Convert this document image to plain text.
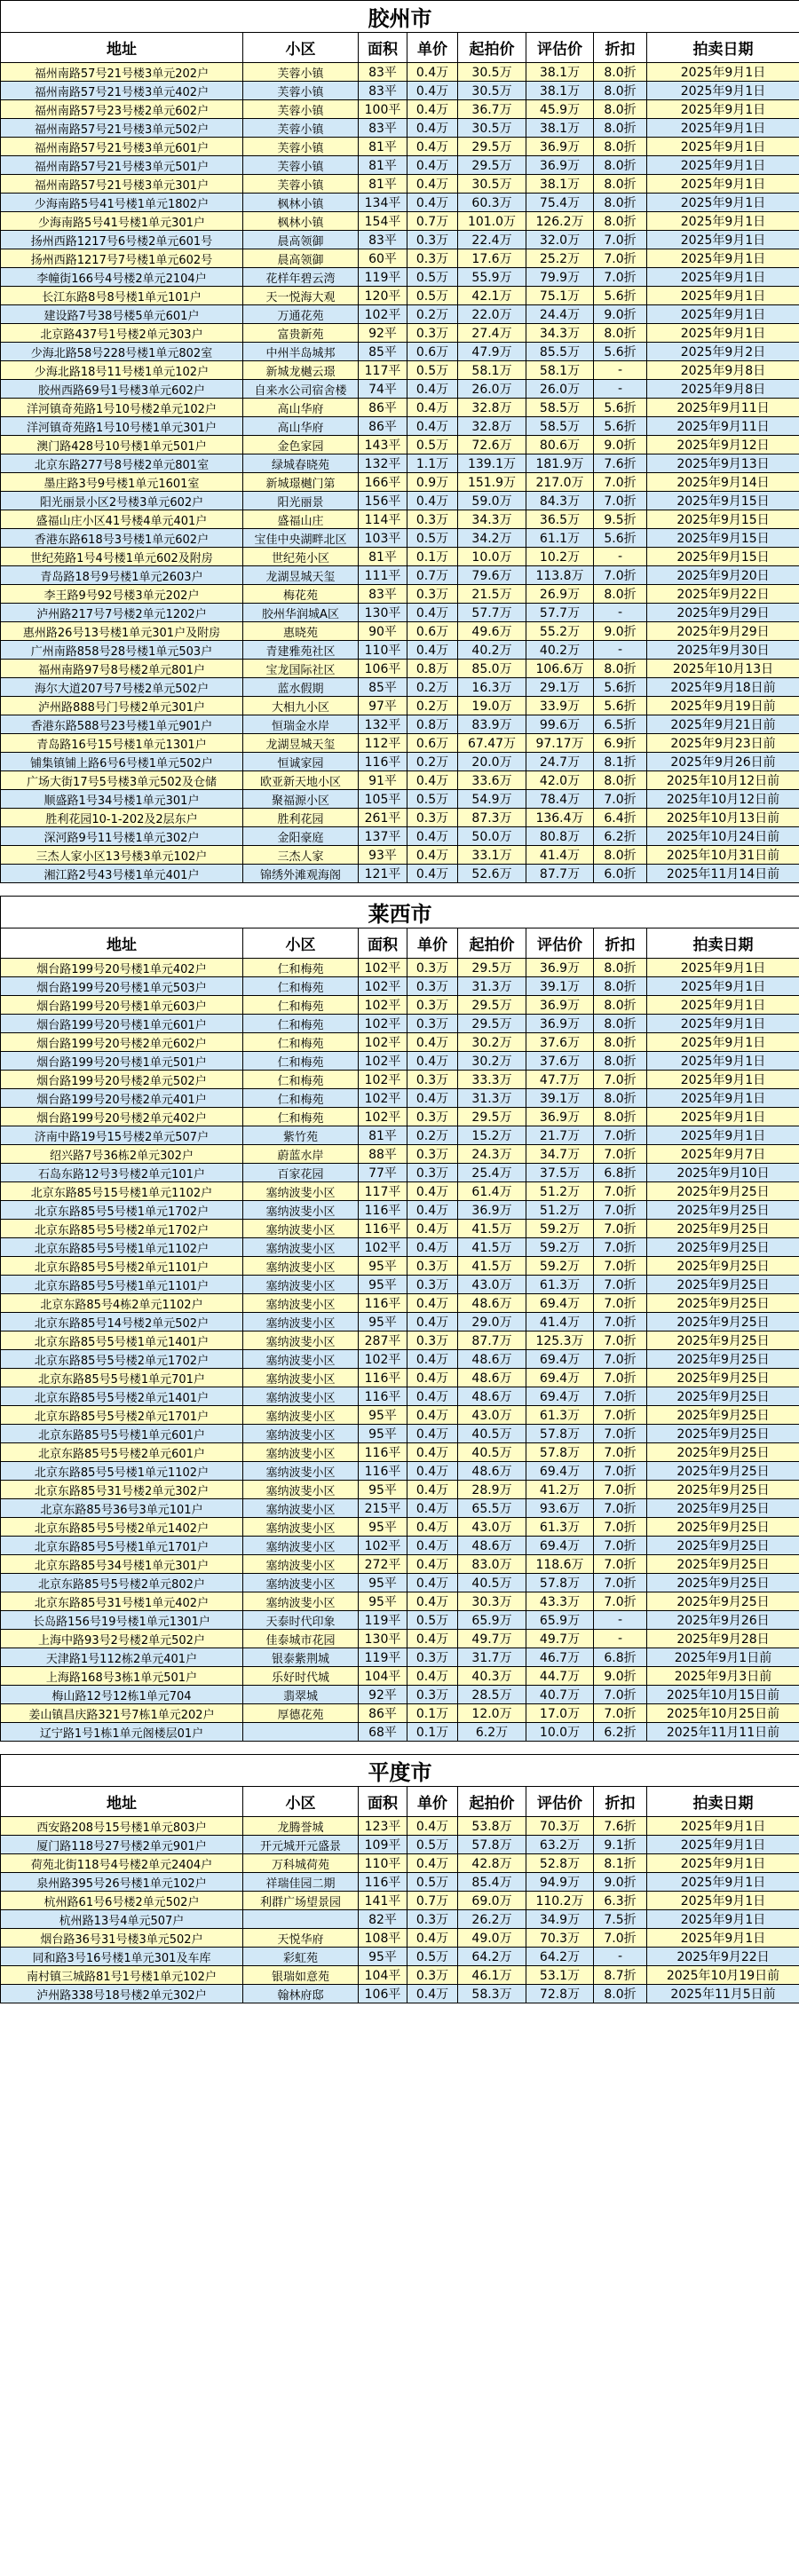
胶州市							
地址	小区	面积	单价	起拍价	评估价	折扣	拍卖日期
福州南路57号21号楼3单元202户	芙蓉小镇	83平	0.4万	30.5万	38.1万	8.0折	2025年9月1日
福州南路57号21号楼3单元402户	芙蓉小镇	83平	0.4万	30.5万	38.1万	8.0折	2025年9月1日
福州南路57号23号楼2单元602户	芙蓉小镇	100平	0.4万	36.7万	45.9万	8.0折	2025年9月1日
福州南路57号21号楼3单元502户	芙蓉小镇	83平	0.4万	30.5万	38.1万	8.0折	2025年9月1日
福州南路57号21号楼3单元601户	芙蓉小镇	81平	0.4万	29.5万	36.9万	8.0折	2025年9月1日
福州南路57号21号楼3单元501户	芙蓉小镇	81平	0.4万	29.5万	36.9万	8.0折	2025年9月1日
福州南路57号21号楼3单元301户	芙蓉小镇	81平	0.4万	30.5万	38.1万	8.0折	2025年9月1日
少海南路5号41号楼1单元1802户	枫林小镇	134平	0.4万	60.3万	75.4万	8.0折	2025年9月1日
少海南路5号41号楼1单元301户	枫林小镇	154平	0.7万	101.0万	126.2万	8.0折	2025年9月1日
扬州西路1217号6号楼2单元601号	晨高领御	83平	0.3万	22.4万	32.0万	7.0折	2025年9月1日
扬州西路1217号7号楼1单元602号	晨高领御	60平	0.3万	17.6万	25.2万	7.0折	2025年9月1日
李幢街166号4号楼2单元2104户	花样年碧云湾	119平	0.5万	55.9万	79.9万	7.0折	2025年9月1日
长江东路8号8号楼1单元101户	天一悦海大观	120平	0.5万	42.1万	75.1万	5.6折	2025年9月1日
建设路7号38号楼5单元601户	万通花苑	102平	0.2万	22.0万	24.4万	9.0折	2025年9月1日
北京路437号1号楼2单元303户	富贵新苑	92平	0.3万	27.4万	34.3万	8.0折	2025年9月1日
少海北路58号228号楼1单元802室	中州半岛城邦	85平	0.6万	47.9万	85.5万	5.6折	2025年9月2日
少海北路18号11号楼1单元102户	新城龙樾云璟	117平	0.5万	58.1万	58.1万	-	2025年9月8日
胶州西路69号1号楼3单元602户	自来水公司宿舍楼	74平	0.4万	26.0万	26.0万	-	2025年9月8日
洋河镇奇苑路1号10号楼2单元102户	高山华府	86平	0.4万	32.8万	58.5万	5.6折	2025年9月11日
洋河镇奇苑路1号10号楼1单元301户	高山华府	86平	0.4万	32.8万	58.5万	5.6折	2025年9月11日
澳门路428号10号楼1单元501户	金色家园	143平	0.5万	72.6万	80.6万	9.0折	2025年9月12日
北京东路277号8号楼2单元801室	绿城春晓苑	132平	1.1万	139.1万	181.9万	7.6折	2025年9月13日
墨庄路3号9号楼1单元1601室	新城璟樾门第	166平	0.9万	151.9万	217.0万	7.0折	2025年9月14日
阳光丽景小区2号楼3单元602户	阳光丽景	156平	0.4万	59.0万	84.3万	7.0折	2025年9月15日
盛福山庄小区41号楼4单元401户	盛福山庄	114平	0.3万	34.3万	36.5万	9.5折	2025年9月15日
香港东路618号3号楼1单元602户	宝佳中央湖畔北区	103平	0.5万	34.2万	61.1万	5.6折	2025年9月15日
世纪苑路1号4号楼1单元602及附房	世纪苑小区	81平	0.1万	10.0万	10.2万	-	2025年9月15日
青岛路18号9号楼1单元2603户	龙湖昱城天玺	111平	0.7万	79.6万	113.8万	7.0折	2025年9月20日
李王路9号92号楼3单元202户	梅花苑	83平	0.3万	21.5万	26.9万	8.0折	2025年9月22日
泸州路217号7号楼2单元1202户	胶州华润城A区	130平	0.4万	57.7万	57.7万	-	2025年9月29日
惠州路26号13号楼1单元301户及附房	惠晓苑	90平	0.6万	49.6万	55.2万	9.0折	2025年9月29日
广州南路858号28号楼1单元503户	青建雅苑社区	110平	0.4万	40.2万	40.2万	-	2025年9月30日
福州南路97号8号楼2单元801户	宝龙国际社区	106平	0.8万	85.0万	106.6万	8.0折	2025年10月13日
海尔大道207号7号楼2单元502户	蓝水假期	85平	0.2万	16.3万	29.1万	5.6折	2025年9月18日前
泸州路888号门号楼2单元301户	大相九小区	97平	0.2万	19.0万	33.9万	5.6折	2025年9月19日前
香港东路588号23号楼1单元901户	恒瑞金水岸	132平	0.8万	83.9万	99.6万	6.5折	2025年9月21日前
青岛路16号15号楼1单元1301户	龙湖昱城天玺	112平	0.6万	67.47万	97.17万	6.9折	2025年9月23日前
铺集镇铺上路6号6号楼1单元502户	恒诚家园	116平	0.2万	20.0万	24.7万	8.1折	2025年9月26日前
广场大街17号5号楼3单元502及仓储	欧亚新天地小区	91平	0.4万	33.6万	42.0万	8.0折	2025年10月12日前
顺盛路1号34号楼1单元301户	聚福源小区	105平	0.5万	54.9万	78.4万	7.0折	2025年10月12日前
胜利花园10-1-202及2层东户	胜利花园	261平	0.3万	87.3万	136.4万	6.4折	2025年10月13日前
深河路9号11号楼1单元302户	金阳豪庭	137平	0.4万	50.0万	80.8万	6.2折	2025年10月24日前
三杰人家小区13号楼3单元102户	三杰人家	93平	0.4万	33.1万	41.4万	8.0折	2025年10月31日前
湘江路2号43号楼1单元401户	锦绣外滩观海阁	121平	0.4万	52.6万	87.7万	6.0折	2025年11月14日前
莱西市							
地址	小区	面积	单价	起拍价	评估价	折扣	拍卖日期
烟台路199号20号楼1单元402户	仁和梅苑	102平	0.3万	29.5万	36.9万	8.0折	2025年9月1日
烟台路199号20号楼1单元503户	仁和梅苑	102平	0.3万	31.3万	39.1万	8.0折	2025年9月1日
烟台路199号20号楼1单元603户	仁和梅苑	102平	0.3万	29.5万	36.9万	8.0折	2025年9月1日
烟台路199号20号楼1单元601户	仁和梅苑	102平	0.3万	29.5万	36.9万	8.0折	2025年9月1日
烟台路199号20号楼2单元602户	仁和梅苑	102平	0.4万	30.2万	37.6万	8.0折	2025年9月1日
烟台路199号20号楼1单元501户	仁和梅苑	102平	0.4万	30.2万	37.6万	8.0折	2025年9月1日
烟台路199号20号楼2单元502户	仁和梅苑	102平	0.3万	33.3万	47.7万	7.0折	2025年9月1日
烟台路199号20号楼2单元401户	仁和梅苑	102平	0.4万	31.3万	39.1万	8.0折	2025年9月1日
烟台路199号20号楼2单元402户	仁和梅苑	102平	0.3万	29.5万	36.9万	8.0折	2025年9月1日
济南中路19号15号楼2单元507户	紫竹苑	81平	0.2万	15.2万	21.7万	7.0折	2025年9月1日
绍兴路7号36栋2单元302户	蔚蓝水岸	88平	0.3万	24.3万	34.7万	7.0折	2025年9月7日
石岛东路12号3号楼2单元101户	百家花园	77平	0.3万	25.4万	37.5万	6.8折	2025年9月10日
北京东路85号15号楼1单元1102户	塞纳波斐小区	117平	0.4万	61.4万	51.2万	7.0折	2025年9月25日
北京东路85号5号楼1单元1702户	塞纳波斐小区	116平	0.4万	36.9万	51.2万	7.0折	2025年9月25日
北京东路85号5号楼2单元1702户	塞纳波斐小区	116平	0.4万	41.5万	59.2万	7.0折	2025年9月25日
北京东路85号5号楼1单元1102户	塞纳波斐小区	102平	0.4万	41.5万	59.2万	7.0折	2025年9月25日
北京东路85号5号楼2单元1101户	塞纳波斐小区	95平	0.3万	41.5万	59.2万	7.0折	2025年9月25日
北京东路85号5号楼1单元1101户	塞纳波斐小区	95平	0.3万	43.0万	61.3万	7.0折	2025年9月25日
北京东路85号4栋2单元1102户	塞纳波斐小区	116平	0.4万	48.6万	69.4万	7.0折	2025年9月25日
北京东路85号14号楼2单元502户	塞纳波斐小区	95平	0.4万	29.0万	41.4万	7.0折	2025年9月25日
北京东路85号5号楼1单元1401户	塞纳波斐小区	287平	0.3万	87.7万	125.3万	7.0折	2025年9月25日
北京东路85号5号楼2单元1702户	塞纳波斐小区	102平	0.4万	48.6万	69.4万	7.0折	2025年9月25日
北京东路85号5号楼1单元701户	塞纳波斐小区	116平	0.4万	48.6万	69.4万	7.0折	2025年9月25日
北京东路85号5号楼2单元1401户	塞纳波斐小区	116平	0.4万	48.6万	69.4万	7.0折	2025年9月25日
北京东路85号5号楼2单元1701户	塞纳波斐小区	95平	0.4万	43.0万	61.3万	7.0折	2025年9月25日
北京东路85号5号楼1单元601户	塞纳波斐小区	95平	0.4万	40.5万	57.8万	7.0折	2025年9月25日
北京东路85号5号楼2单元601户	塞纳波斐小区	116平	0.4万	40.5万	57.8万	7.0折	2025年9月25日
北京东路85号5号楼1单元1102户	塞纳波斐小区	116平	0.4万	48.6万	69.4万	7.0折	2025年9月25日
北京东路85号31号楼2单元302户	塞纳波斐小区	95平	0.4万	28.9万	41.2万	7.0折	2025年9月25日
北京东路85号36号3单元101户	塞纳波斐小区	215平	0.4万	65.5万	93.6万	7.0折	2025年9月25日
北京东路85号5号楼2单元1402户	塞纳波斐小区	95平	0.4万	43.0万	61.3万	7.0折	2025年9月25日
北京东路85号5号楼1单元1701户	塞纳波斐小区	102平	0.4万	48.6万	69.4万	7.0折	2025年9月25日
北京东路85号34号楼1单元301户	塞纳波斐小区	272平	0.4万	83.0万	118.6万	7.0折	2025年9月25日
北京东路85号5号楼2单元802户	塞纳波斐小区	95平	0.4万	40.5万	57.8万	7.0折	2025年9月25日
北京东路85号31号楼1单元402户	塞纳波斐小区	95平	0.4万	30.3万	43.3万	7.0折	2025年9月25日
长岛路156号19号楼1单元1301户	天泰时代印象	119平	0.5万	65.9万	65.9万	-	2025年9月26日
上海中路93号2号楼2单元502户	佳泰城市花园	130平	0.4万	49.7万	49.7万	-	2025年9月28日
天津路1号112栋2单元401户	银泰紫荆城	119平	0.3万	31.7万	46.7万	6.8折	2025年9月1日前
上海路168号3栋1单元501户	乐好时代城	104平	0.4万	40.3万	44.7万	9.0折	2025年9月3日前
梅山路12号12栋1单元704	翡翠城	92平	0.3万	28.5万	40.7万	7.0折	2025年10月15日前
姜山镇昌庆路321号7栋1单元202户	厚德花苑	86平	0.1万	12.0万	17.0万	7.0折	2025年10月25日前
辽宁路1号1栋1单元阁楼层01户		68平	0.1万	6.2万	10.0万	6.2折	2025年11月11日前
平度市							
地址	小区	面积	单价	起拍价	评估价	折扣	拍卖日期
西安路208号15号楼1单元803户	龙腾誉城	123平	0.4万	53.8万	70.3万	7.6折	2025年9月1日
厦门路118号27号楼2单元901户	开元城开元盛景	109平	0.5万	57.8万	63.2万	9.1折	2025年9月1日
荷苑北街118号4号楼2单元2404户	万科城荷苑	110平	0.4万	42.8万	52.8万	8.1折	2025年9月1日
泉州路395号26号楼1单元102户	祥瑞佳园二期	116平	0.5万	85.4万	94.9万	9.0折	2025年9月1日
杭州路61号6号楼2单元502户	利群广场望景园	141平	0.7万	69.0万	110.2万	6.3折	2025年9月1日
杭州路13号4单元507户		82平	0.3万	26.2万	34.9万	7.5折	2025年9月1日
烟台路36号31号楼3单元502户	天悦华府	108平	0.4万	49.0万	70.3万	7.0折	2025年9月1日
同和路3号16号楼1单元301及车库	彩虹苑	95平	0.5万	64.2万	64.2万	-	2025年9月22日
南村镇三城路81号1号楼1单元102户	银瑞如意苑	104平	0.3万	46.1万	53.1万	8.7折	2025年10月19日前
泸州路338号18号楼2单元302户	翰林府邸	106平	0.4万	58.3万	72.8万	8.0折	2025年11月5日前
